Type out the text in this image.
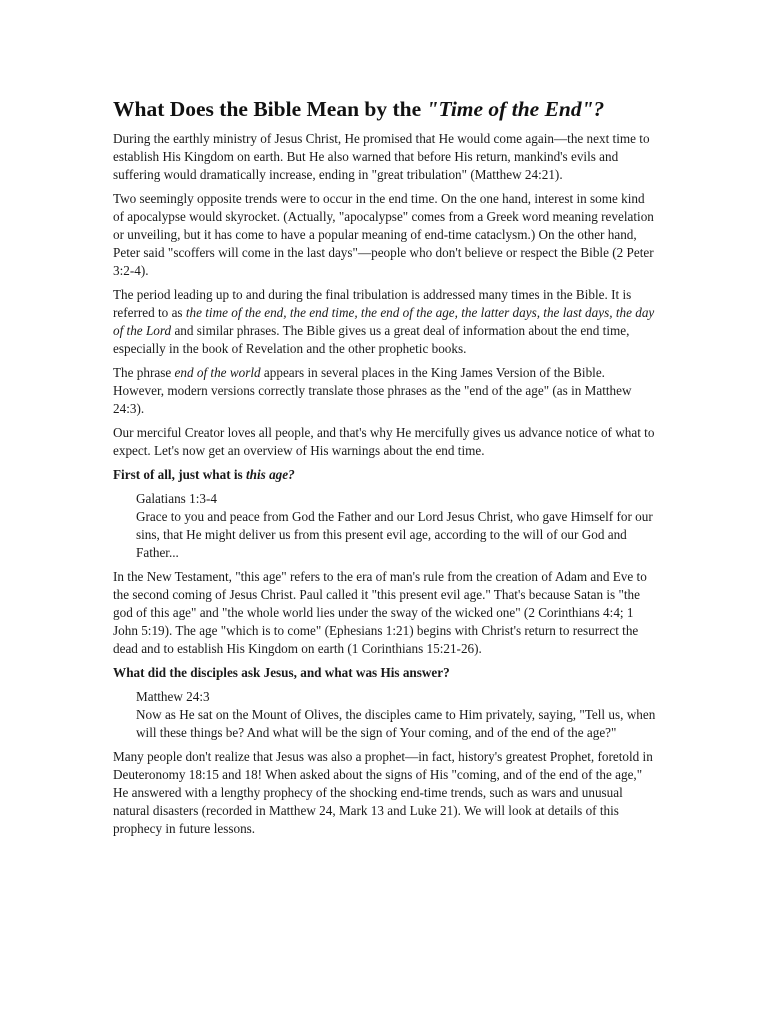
What Does the Bible Mean by the "Time of the End"?

During the earthly ministry of Jesus Christ, He promised that He would come again—the next time to establish His Kingdom on earth. But He also warned that before His return, mankind's evils and suffering would dramatically increase, ending in "great tribulation" (Matthew 24:21).

Two seemingly opposite trends were to occur in the end time. On the one hand, interest in some kind of apocalypse would skyrocket. (Actually, "apocalypse" comes from a Greek word meaning revelation or unveiling, but it has come to have a popular meaning of end-time cataclysm.) On the other hand, Peter said "scoffers will come in the last days"—people who don't believe or respect the Bible (2 Peter 3:2-4).

The period leading up to and during the final tribulation is addressed many times in the Bible. It is referred to as the time of the end, the end time, the end of the age, the latter days, the last days, the day of the Lord and similar phrases. The Bible gives us a great deal of information about the end time, especially in the book of Revelation and the other prophetic books.

The phrase end of the world appears in several places in the King James Version of the Bible. However, modern versions correctly translate those phrases as the "end of the age" (as in Matthew 24:3).

Our merciful Creator loves all people, and that's why He mercifully gives us advance notice of what to expect. Let's now get an overview of His warnings about the end time.

First of all, just what is this age?
Galatians 1:3-4
Grace to you and peace from God the Father and our Lord Jesus Christ, who gave Himself for our sins, that He might deliver us from this present evil age, according to the will of our God and Father...

In the New Testament, "this age" refers to the era of man's rule from the creation of Adam and Eve to the second coming of Jesus Christ. Paul called it "this present evil age." That's because Satan is "the god of this age" and "the whole world lies under the sway of the wicked one" (2 Corinthians 4:4; 1 John 5:19). The age "which is to come" (Ephesians 1:21) begins with Christ's return to resurrect the dead and to establish His Kingdom on earth (1 Corinthians 15:21-26).

What did the disciples ask Jesus, and what was His answer?
Matthew 24:3
Now as He sat on the Mount of Olives, the disciples came to Him privately, saying, "Tell us, when will these things be? And what will be the sign of Your coming, and of the end of the age?"

Many people don't realize that Jesus was also a prophet—in fact, history's greatest Prophet, foretold in Deuteronomy 18:15 and 18! When asked about the signs of His "coming, and of the end of the age," He answered with a lengthy prophecy of the shocking end-time trends, such as wars and unusual natural disasters (recorded in Matthew 24, Mark 13 and Luke 21). We will look at details of this prophecy in future lessons.
